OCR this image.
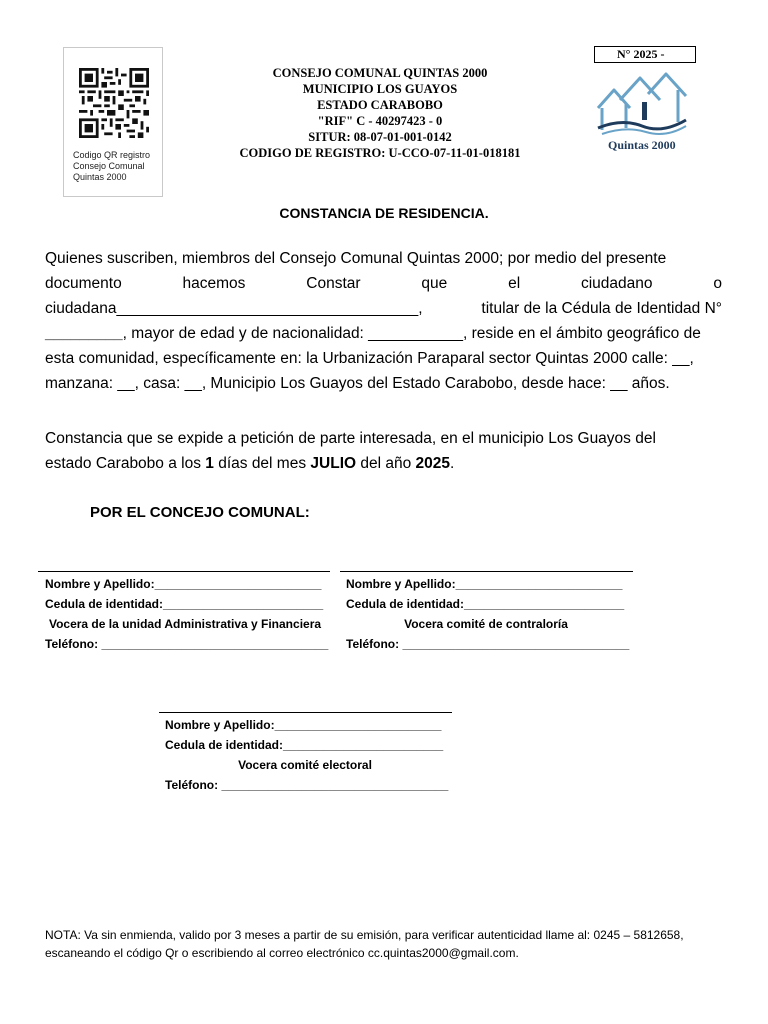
Codigo QR registro
Consejo Comunal
Quintas 2000
CONSEJO COMUNAL QUINTAS 2000
MUNICIPIO LOS GUAYOS
ESTADO CARABOBO
"RIF" C - 40297423 - 0
SITUR: 08-07-01-001-0142
CODIGO DE REGISTRO: U-CCO-07-11-01-018181
N° 2025 -
Quintas 2000
CONSTANCIA DE RESIDENCIA.
Quienes suscriben, miembros del Consejo Comunal Quintas 2000; por medio del presente
documento	hacemos	Constar	que	el	ciudadano	o
ciudadana___________________________________,	titular de la Cédula de Identidad N°
_________, mayor de edad y de nacionalidad: ___________, reside en el ámbito geográfico de
esta comunidad, específicamente en: la Urbanización Paraparal sector Quintas 2000 calle: __,
manzana: __, casa: __, Municipio Los Guayos del Estado Carabobo, desde hace: __ años.
Constancia que se expide a petición de parte interesada, en el municipio Los Guayos del
estado Carabobo a los 1 días del mes JULIO del año 2025.
POR EL CONCEJO COMUNAL:
Nombre y Apellido:_________________________
Cedula de identidad:________________________
Vocera de la unidad Administrativa y Financiera
Teléfono: __________________________________
Nombre y Apellido:_________________________
Cedula de identidad:________________________
Vocera comité de contraloría
Teléfono: __________________________________
Nombre y Apellido:_________________________
Cedula de identidad:________________________
Vocera comité electoral
Teléfono: __________________________________
NOTA: Va sin enmienda, valido por 3 meses a partir de su emisión, para verificar autenticidad llame al: 0245 – 5812658,
escaneando el código Qr o escribiendo al correo electrónico cc.quintas2000@gmail.com.
